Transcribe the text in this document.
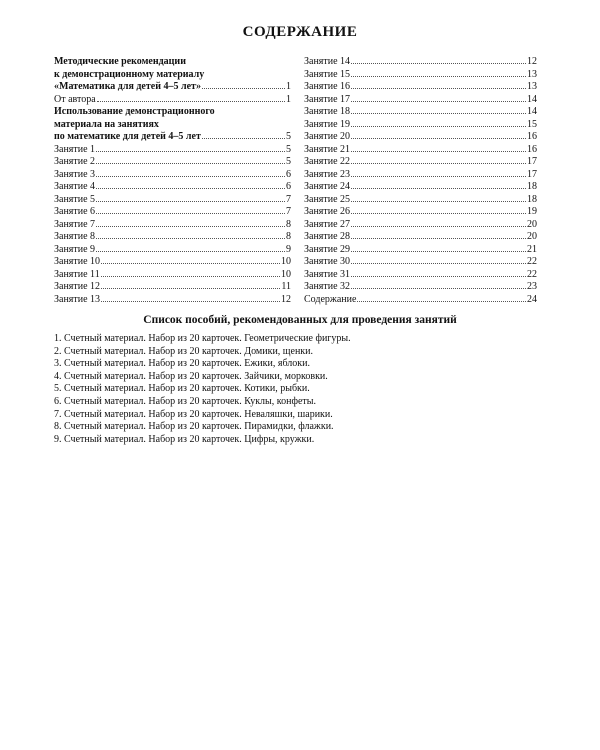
СОДЕРЖАНИЕ
Методические рекомендации
к демонстрационному материалу
«Математика для детей 4–5 лет»	1
От автора	1
Использование демонстрационного
материала на занятиях
по математике для детей 4–5 лет	5
Занятие 1	5
Занятие 2	5
Занятие 3	6
Занятие 4	6
Занятие 5	7
Занятие 6	7
Занятие 7	8
Занятие 8	8
Занятие 9	9
Занятие 10	10
Занятие 11	10
Занятие 12	11
Занятие 13	12
Занятие 14	12
Занятие 15	13
Занятие 16	13
Занятие 17	14
Занятие 18	14
Занятие 19	15
Занятие 20	16
Занятие 21	16
Занятие 22	17
Занятие 23	17
Занятие 24	18
Занятие 25	18
Занятие 26	19
Занятие 27	20
Занятие 28	20
Занятие 29	21
Занятие 30	22
Занятие 31	22
Занятие 32	23
Содержание	24
Список пособий, рекомендованных для проведения занятий
1. Счетный материал. Набор из 20 карточек. Геометрические фигуры.
2. Счетный материал. Набор из 20 карточек. Домики, щенки.
3. Счетный материал. Набор из 20 карточек. Ежики, яблоки.
4. Счетный материал. Набор из 20 карточек. Зайчики, морковки.
5. Счетный материал. Набор из 20 карточек. Котики, рыбки.
6. Счетный материал. Набор из 20 карточек. Куклы, конфеты.
7. Счетный материал. Набор из 20 карточек. Неваляшки, шарики.
8. Счетный материал. Набор из 20 карточек. Пирамидки, флажки.
9. Счетный материал. Набор из 20 карточек. Цифры, кружки.
